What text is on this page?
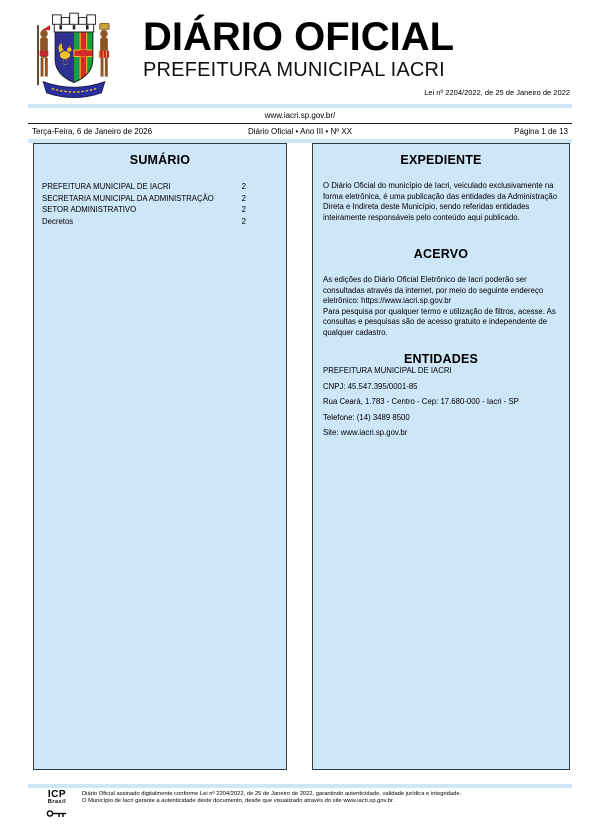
DIÁRIO OFICIAL
PREFEITURA MUNICIPAL IACRI
Lei nº 2204/2022, de 25 de Janeiro de 2022
www.iacri.sp.gov.br/
Terça-Feira, 6 de Janeiro de 2026	Diário Oficial • Ano III • Nº XX	Página 1 de 13
SUMÁRIO
PREFEITURA MUNICIPAL DE IACRI	2
SECRETARIA MUNICIPAL DA ADMINISTRAÇÃO	2
SETOR ADMINISTRATIVO	2
Decretos	2
EXPEDIENTE

O Diário Oficial do município de Iacri, veiculado exclusivamente na forma eletrônica, é uma publicação das entidades da Administração Direta e Indireta deste Município, sendo referidas entidades inteiramente responsáveis pelo conteúdo aqui publicado.

ACERVO

As edições do Diário Oficial Eletrônico de Iacri poderão ser consultadas através da internet, por meio do seguinte endereço eletrônico: https://www.iacri.sp.gov.br

Para pesquisa por qualquer termo e utilização de filtros, acesse. As consultas e pesquisas são de acesso gratuito e independente de qualquer cadastro.

ENTIDADES

PREFEITURA MUNICIPAL DE IACRI

CNPJ: 45.547.395/0001-85

Rua Ceará, 1.783 - Centro - Cep: 17.680-000 - Iacri - SP

Telefone: (14) 3489 8500

Site: www.iacri.sp.gov.br

ICP
Brasil
Diário Oficial assinado digitalmente conforme Lei nº 2204/2022, de 25 de Janeiro de 2022, garantindo autenticidade, validade jurídica e integridade.
O Município de Iacri garante a autenticidade deste documento, desde que visualizado através do site www.iacri.sp.gov.br.
